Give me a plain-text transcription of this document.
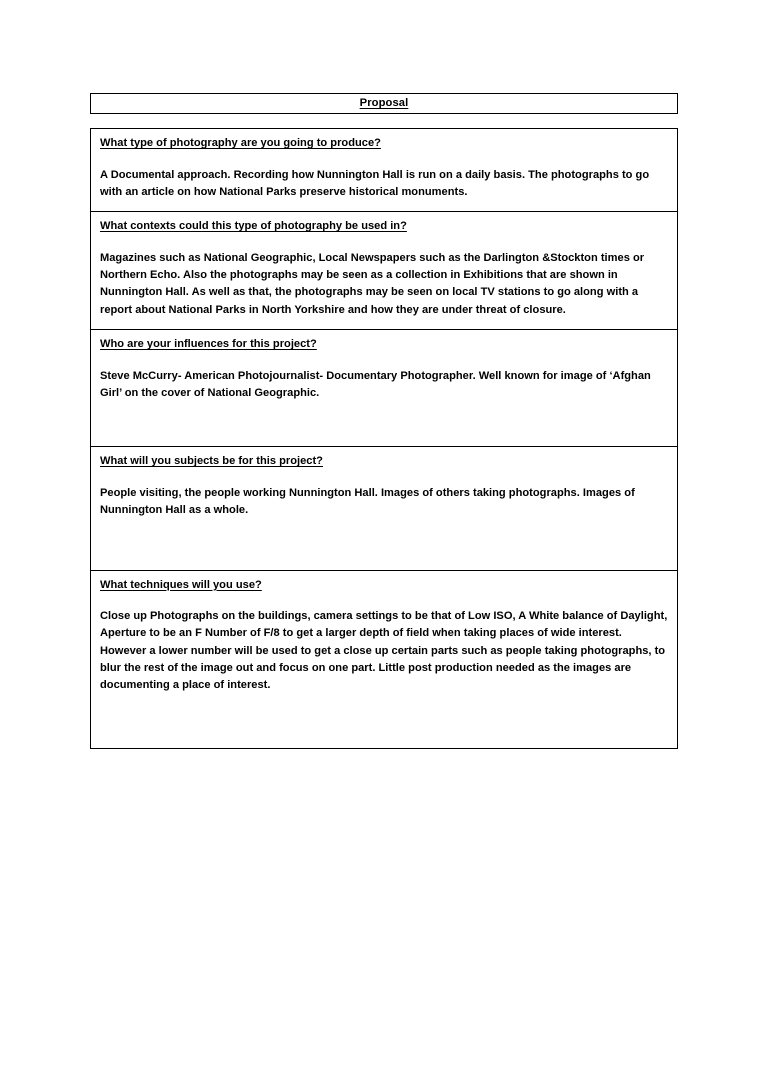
Proposal

What type of photography are you going to produce?

A Documental approach. Recording how Nunnington Hall is run on a daily basis. The photographs to go with an article on how National Parks preserve historical monuments.

What contexts could this type of photography be used in?

Magazines such as National Geographic, Local Newspapers such as the Darlington &Stockton times or Northern Echo. Also the photographs may be seen as a collection in Exhibitions that are shown in Nunnington Hall. As well as that, the photographs may be seen on local TV stations to go along with a report about National Parks in North Yorkshire and how they are under threat of closure.

Who are your influences for this project?

Steve McCurry- American Photojournalist- Documentary Photographer. Well known for image of ‘Afghan Girl’ on the cover of National Geographic.

What will you subjects be for this project?

People visiting, the people working Nunnington Hall. Images of others taking photographs. Images of Nunnington Hall as a whole.

What techniques will you use?

Close up Photographs on the buildings, camera settings to be that of Low ISO, A White balance of Daylight, Aperture to be an F Number of F/8 to get a larger depth of field when taking places of wide interest. However a lower number will be used to get a close up certain parts such as people taking photographs, to blur the rest of the image out and focus on one part. Little post production needed as the images are documenting a place of interest.
